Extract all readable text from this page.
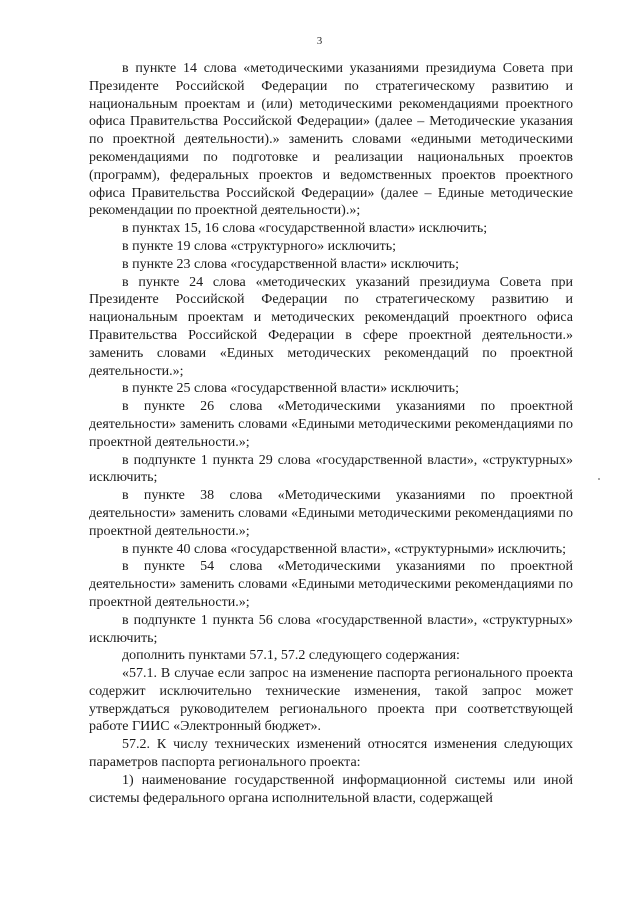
3

в пункте 14 слова «методическими указаниями президиума Совета при Президенте Российской Федерации по стратегическому развитию и национальным проектам и (или) методическими рекомендациями проектного офиса Правительства Российской Федерации» (далее – Методические указания по проектной деятельности).» заменить словами «едиными методическими рекомендациями по подготовке и реализации национальных проектов (программ), федеральных проектов и ведомственных проектов проектного офиса Правительства Российской Федерации» (далее – Единые методические рекомендации по проектной деятельности).»;

в пунктах 15, 16 слова «государственной власти» исключить;

в пункте 19 слова «структурного» исключить;

в пункте 23 слова «государственной власти» исключить;

в пункте 24 слова «методических указаний президиума Совета при Президенте Российской Федерации по стратегическому развитию и национальным проектам и методических рекомендаций проектного офиса Правительства Российской Федерации в сфере проектной деятельности.» заменить словами «Единых методических рекомендаций по проектной деятельности.»;

в пункте 25 слова «государственной власти» исключить;

в пункте 26 слова «Методическими указаниями по проектной деятельности» заменить словами «Едиными методическими рекомендациями по проектной деятельности.»;

в подпункте 1 пункта 29 слова «государственной власти», «структурных» исключить;

в пункте 38 слова «Методическими указаниями по проектной деятельности» заменить словами «Едиными методическими рекомендациями по проектной деятельности.»;

в пункте 40 слова «государственной власти», «структурными» исключить;

в пункте 54 слова «Методическими указаниями по проектной деятельности» заменить словами «Едиными методическими рекомендациями по проектной деятельности.»;

в подпункте 1 пункта 56 слова «государственной власти», «структурных» исключить;

дополнить пунктами 57.1, 57.2 следующего содержания:

«57.1. В случае если запрос на изменение паспорта регионального проекта содержит исключительно технические изменения, такой запрос может утверждаться руководителем регионального проекта при соответствующей работе ГИИС «Электронный бюджет».

57.2. К числу технических изменений относятся изменения следующих параметров паспорта регионального проекта:

1) наименование государственной информационной системы или иной системы федерального органа исполнительной власти, содержащей
